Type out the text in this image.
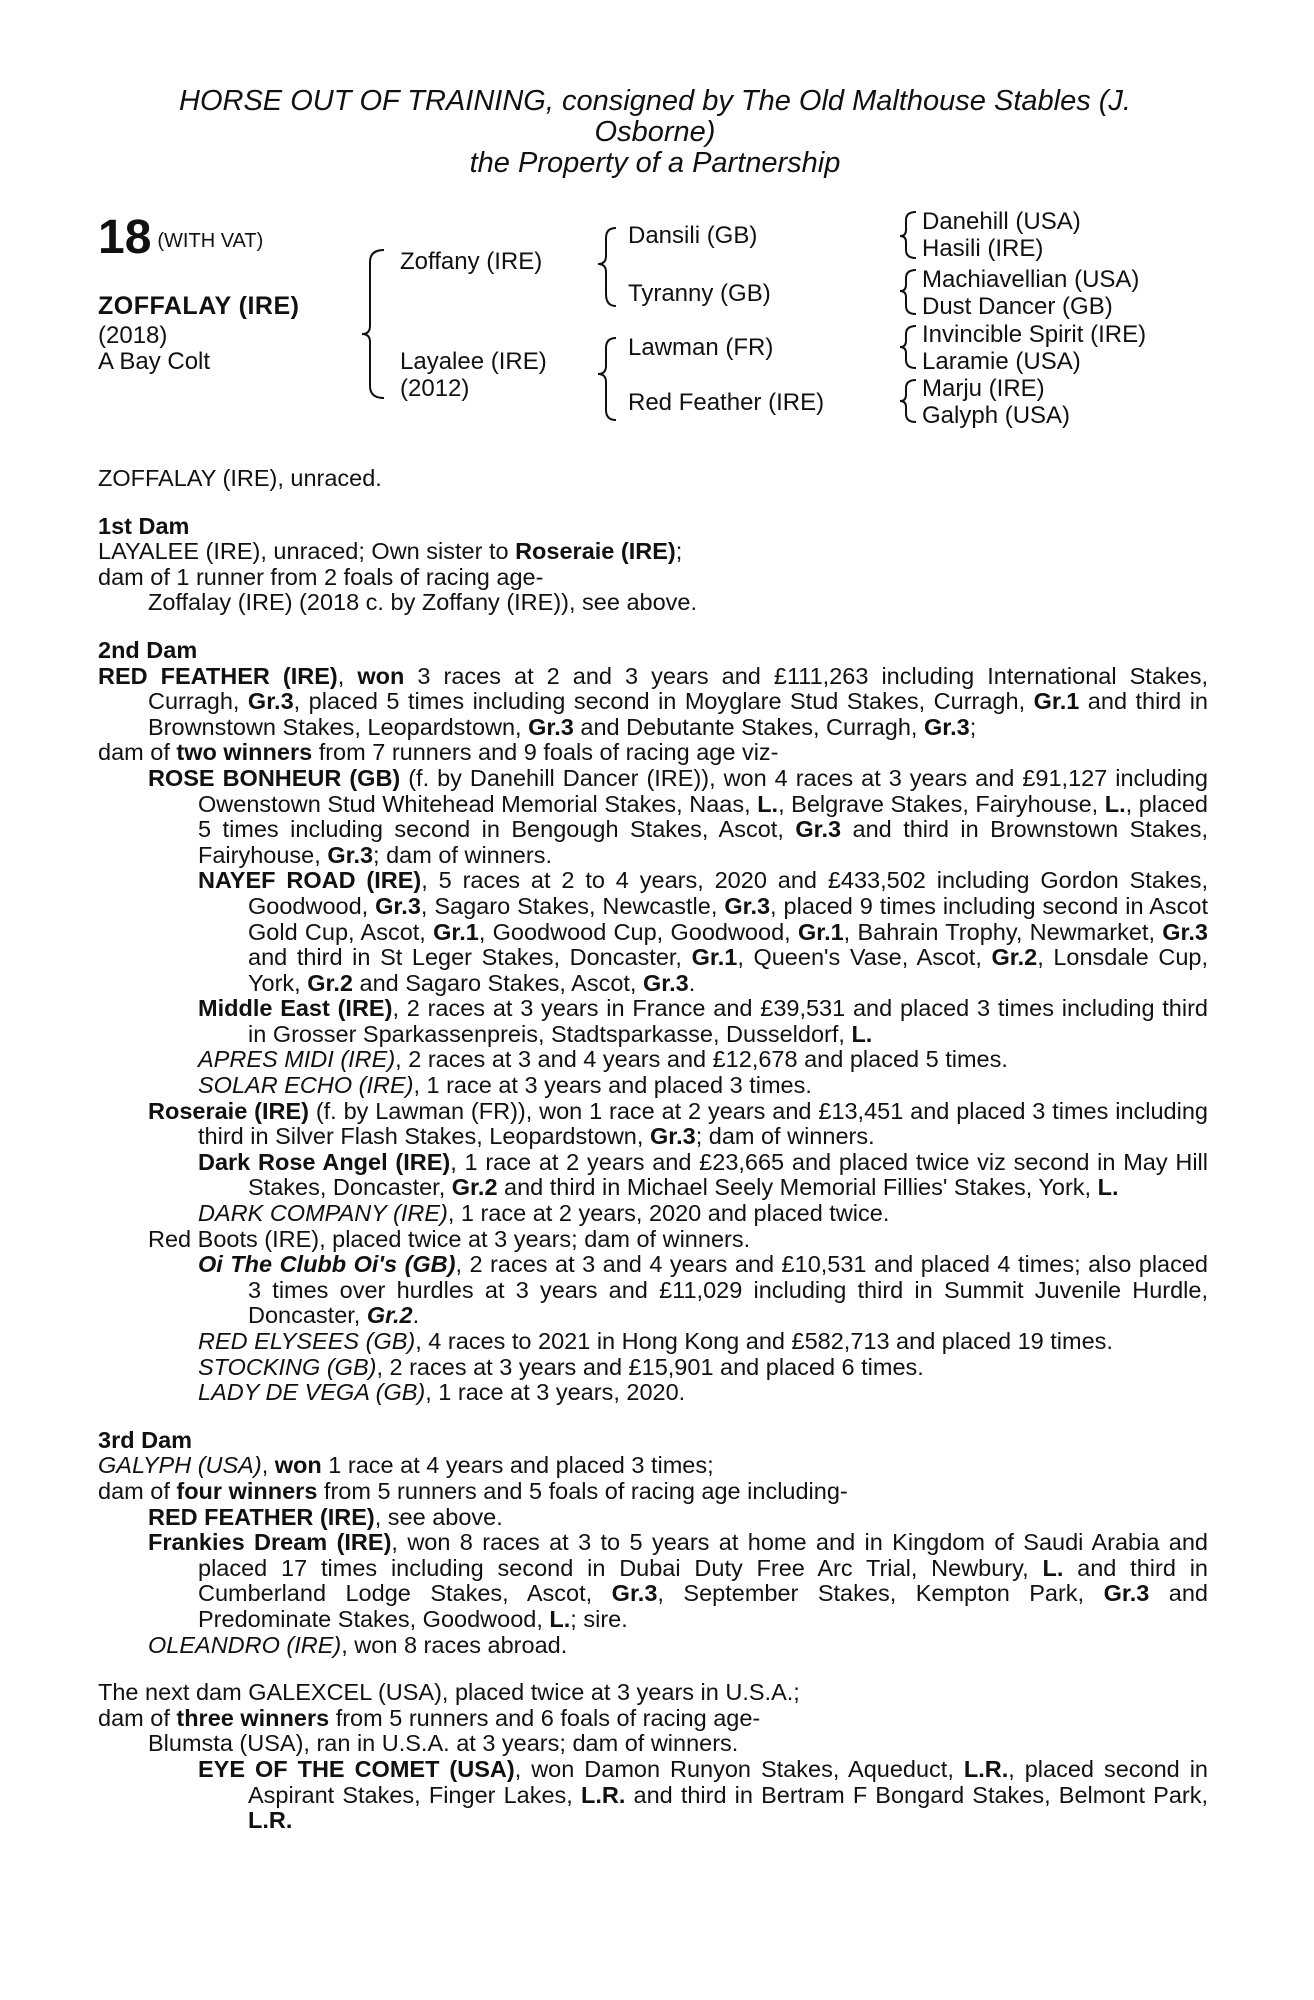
HORSE OUT OF TRAINING, consigned by The Old Malthouse Stables (J.
Osborne)
the Property of a Partnership
18 (WITH VAT)
ZOFFALAY (IRE)
(2018)
A Bay Colt
Zoffany (IRE)
Layalee (IRE)
(2012)
Dansili (GB)
Tyranny (GB)
Lawman (FR)
Red Feather (IRE)
Danehill (USA)
Hasili (IRE)
Machiavellian (USA)
Dust Dancer (GB)
Invincible Spirit (IRE)
Laramie (USA)
Marju (IRE)
Galyph (USA)

ZOFFALAY (IRE), unraced.

1st Dam

LAYALEE (IRE), unraced; Own sister to Roseraie (IRE);

dam of 1 runner from 2 foals of racing age-

Zoffalay (IRE) (2018 c. by Zoffany (IRE)), see above.

2nd Dam

RED FEATHER (IRE), won 3 races at 2 and 3 years and £111,263 including International Stakes, Curragh, Gr.3, placed 5 times including second in Moyglare Stud Stakes, Curragh, Gr.1 and third in Brownstown Stakes, Leopardstown, Gr.3 and Debutante Stakes, Curragh, Gr.3;

dam of two winners from 7 runners and 9 foals of racing age viz-

ROSE BONHEUR (GB) (f. by Danehill Dancer (IRE)), won 4 races at 3 years and £91,127 including Owenstown Stud Whitehead Memorial Stakes, Naas, L., Belgrave Stakes, Fairyhouse, L., placed 5 times including second in Bengough Stakes, Ascot, Gr.3 and third in Brownstown Stakes, Fairyhouse, Gr.3; dam of winners.

NAYEF ROAD (IRE), 5 races at 2 to 4 years, 2020 and £433,502 including Gordon Stakes, Goodwood, Gr.3, Sagaro Stakes, Newcastle, Gr.3, placed 9 times including second in Ascot Gold Cup, Ascot, Gr.1, Goodwood Cup, Goodwood, Gr.1, Bahrain Trophy, Newmarket, Gr.3 and third in St Leger Stakes, Doncaster, Gr.1, Queen's Vase, Ascot, Gr.2, Lonsdale Cup, York, Gr.2 and Sagaro Stakes, Ascot, Gr.3.

Middle East (IRE), 2 races at 3 years in France and £39,531 and placed 3 times including third in Grosser Sparkassenpreis, Stadtsparkasse, Dusseldorf, L.

APRES MIDI (IRE), 2 races at 3 and 4 years and £12,678 and placed 5 times.

SOLAR ECHO (IRE), 1 race at 3 years and placed 3 times.

Roseraie (IRE) (f. by Lawman (FR)), won 1 race at 2 years and £13,451 and placed 3 times including third in Silver Flash Stakes, Leopardstown, Gr.3; dam of winners.

Dark Rose Angel (IRE), 1 race at 2 years and £23,665 and placed twice viz second in May Hill Stakes, Doncaster, Gr.2 and third in Michael Seely Memorial Fillies' Stakes, York, L.

DARK COMPANY (IRE), 1 race at 2 years, 2020 and placed twice.

Red Boots (IRE), placed twice at 3 years; dam of winners.

Oi The Clubb Oi's (GB), 2 races at 3 and 4 years and £10,531 and placed 4 times; also placed 3 times over hurdles at 3 years and £11,029 including third in Summit Juvenile Hurdle, Doncaster, Gr.2.

RED ELYSEES (GB), 4 races to 2021 in Hong Kong and £582,713 and placed 19 times.

STOCKING (GB), 2 races at 3 years and £15,901 and placed 6 times.

LADY DE VEGA (GB), 1 race at 3 years, 2020.

3rd Dam

GALYPH (USA), won 1 race at 4 years and placed 3 times;

dam of four winners from 5 runners and 5 foals of racing age including-

RED FEATHER (IRE), see above.

Frankies Dream (IRE), won 8 races at 3 to 5 years at home and in Kingdom of Saudi Arabia and placed 17 times including second in Dubai Duty Free Arc Trial, Newbury, L. and third in Cumberland Lodge Stakes, Ascot, Gr.3, September Stakes, Kempton Park, Gr.3 and Predominate Stakes, Goodwood, L.; sire.

OLEANDRO (IRE), won 8 races abroad.

The next dam GALEXCEL (USA), placed twice at 3 years in U.S.A.;

dam of three winners from 5 runners and 6 foals of racing age-

Blumsta (USA), ran in U.S.A. at 3 years; dam of winners.

EYE OF THE COMET (USA), won Damon Runyon Stakes, Aqueduct, L.R., placed second in Aspirant Stakes, Finger Lakes, L.R. and third in Bertram F Bongard Stakes, Belmont Park, L.R.
